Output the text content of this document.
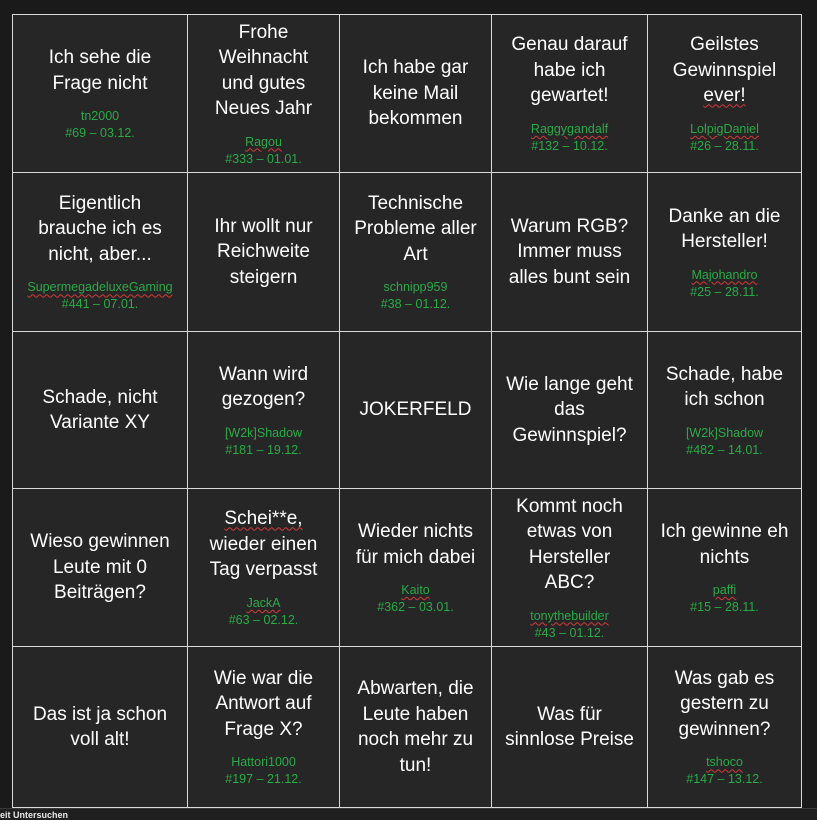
Ich sehe die
Frage nicht
tn2000
#69 – 03.12.
Frohe
Weihnacht
und gutes
Neues Jahr
Ragou
#333 – 01.01.
Ich habe gar
keine Mail
bekommen
Genau darauf
habe ich
gewartet!
Raggygandalf
#132 – 10.12.
Geilstes
Gewinnspiel
ever!
LolpigDaniel
#26 – 28.11.
Eigentlich
brauche ich es
nicht, aber...
SupermegadeluxeGaming
#441 – 07.01.
Ihr wollt nur
Reichweite
steigern
Technische
Probleme aller
Art
schnipp959
#38 – 01.12.
Warum RGB?
Immer muss
alles bunt sein
Danke an die
Hersteller!
Majohandro
#25 – 28.11.
Schade, nicht
Variante XY
Wann wird
gezogen?
[W2k]Shadow
#181 – 19.12.
JOKERFELD
Wie lange geht
das
Gewinnspiel?
Schade, habe
ich schon
[W2k]Shadow
#482 – 14.01.
Wieso gewinnen
Leute mit 0
Beiträgen?
Schei**e,
wieder einen
Tag verpasst
JackA
#63 – 02.12.
Wieder nichts
für mich dabei
Kaito
#362 – 03.01.
Kommt noch
etwas von
Hersteller
ABC?
tonythebuilder
#43 – 01.12.
Ich gewinne eh
nichts
paffi
#15 – 28.11.
Das ist ja schon
voll alt!
Wie war die
Antwort auf
Frage X?
Hattori1000
#197 – 21.12.
Abwarten, die
Leute haben
noch mehr zu
tun!
Was für
sinnlose Preise
Was gab es
gestern zu
gewinnen?
tshoco
#147 – 13.12.
eit Untersuchen
